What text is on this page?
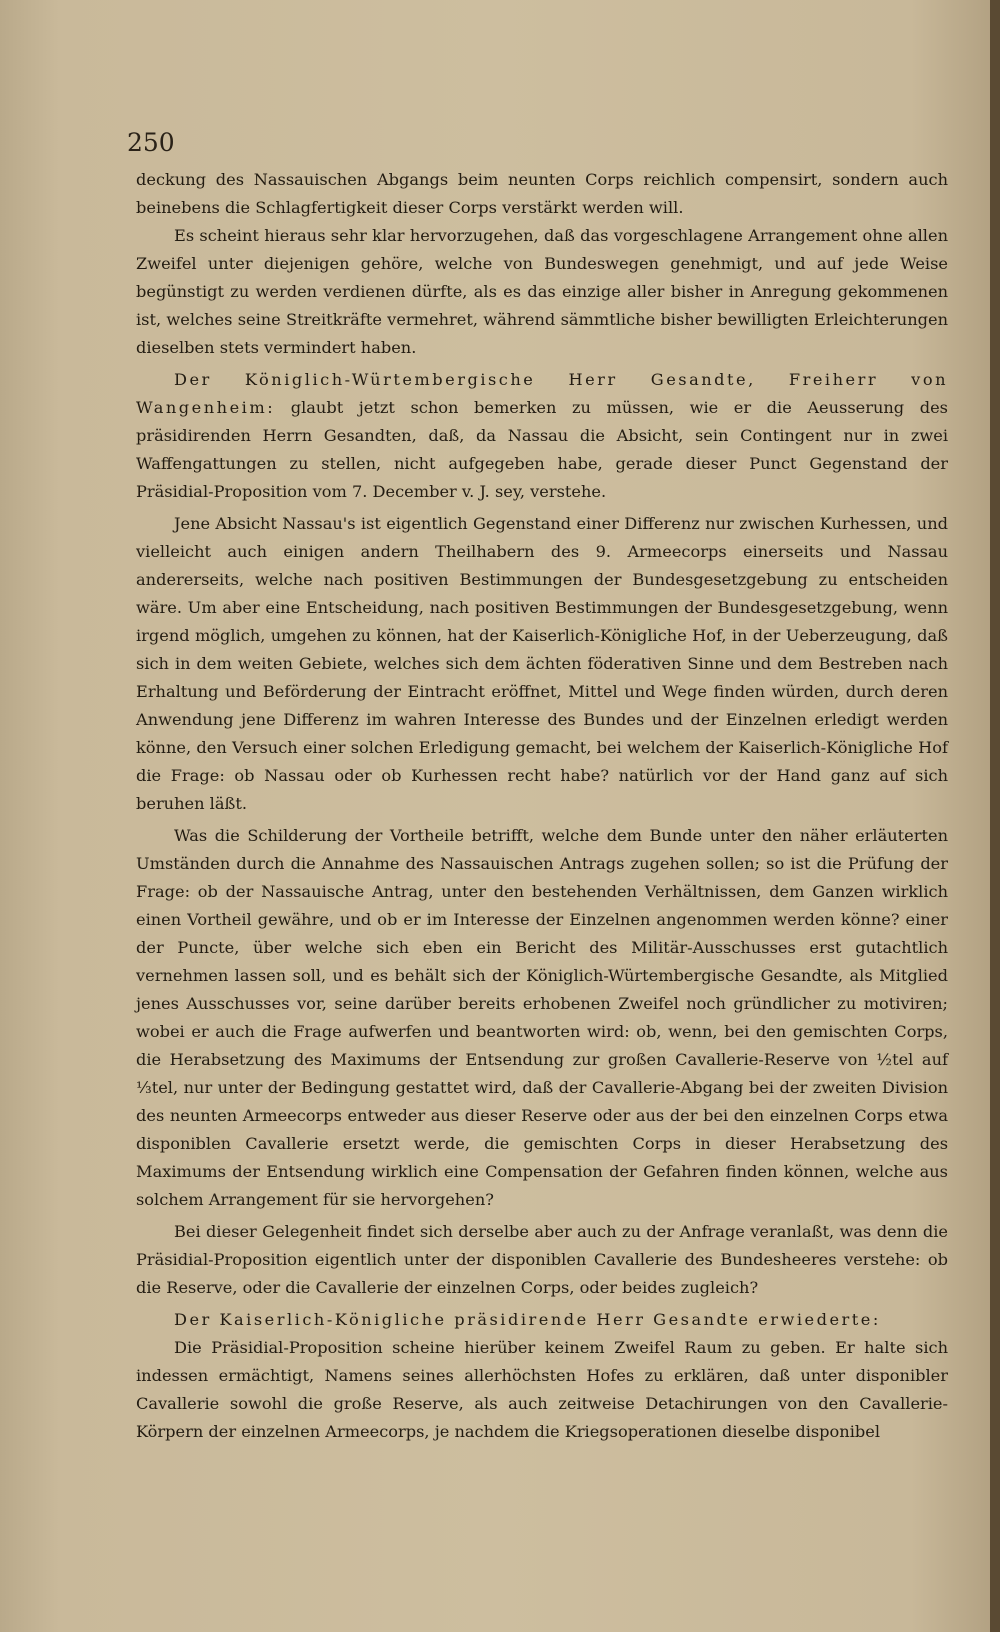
250

deckung des Nassauischen Abgangs beim neunten Corps reichlich compensirt, sondern auch beinebens die Schlagfertigkeit dieser Corps verstärkt werden will.

Es scheint hieraus sehr klar hervorzugehen, daß das vorgeschlagene Arrangement ohne allen Zweifel unter diejenigen gehöre, welche von Bundeswegen genehmigt, und auf jede Weise begünstigt zu werden verdienen dürfte, als es das einzige aller bisher in Anregung gekommenen ist, welches seine Streitkräfte vermehret, während sämmtliche bisher bewilligten Erleichterungen dieselben stets vermindert haben.

Der Königlich-Würtembergische Herr Gesandte, Freiherr von Wangenheim: glaubt jetzt schon bemerken zu müssen, wie er die Aeusserung des präsidirenden Herrn Gesandten, daß, da Nassau die Absicht, sein Contingent nur in zwei Waffengattungen zu stellen, nicht aufgegeben habe, gerade dieser Punct Gegenstand der Präsidial-Proposition vom 7. December v. J. sey, verstehe.

Jene Absicht Nassau's ist eigentlich Gegenstand einer Differenz nur zwischen Kurhessen, und vielleicht auch einigen andern Theilhabern des 9. Armeecorps einerseits und Nassau andererseits, welche nach positiven Bestimmungen der Bundesgesetzgebung zu entscheiden wäre. Um aber eine Entscheidung, nach positiven Bestimmungen der Bundesgesetzgebung, wenn irgend möglich, umgehen zu können, hat der Kaiserlich-Königliche Hof, in der Ueberzeugung, daß sich in dem weiten Gebiete, welches sich dem ächten föderativen Sinne und dem Bestreben nach Erhaltung und Beförderung der Eintracht eröffnet, Mittel und Wege finden würden, durch deren Anwendung jene Differenz im wahren Interesse des Bundes und der Einzelnen erledigt werden könne, den Versuch einer solchen Erledigung gemacht, bei welchem der Kaiserlich-Königliche Hof die Frage: ob Nassau oder ob Kurhessen recht habe? natürlich vor der Hand ganz auf sich beruhen läßt.

Was die Schilderung der Vortheile betrifft, welche dem Bunde unter den näher erläuterten Umständen durch die Annahme des Nassauischen Antrags zugehen sollen; so ist die Prüfung der Frage: ob der Nassauische Antrag, unter den bestehenden Verhältnissen, dem Ganzen wirklich einen Vortheil gewähre, und ob er im Interesse der Einzelnen angenommen werden könne? einer der Puncte, über welche sich eben ein Bericht des Militär-Ausschusses erst gutachtlich vernehmen lassen soll, und es behält sich der Königlich-Würtembergische Gesandte, als Mitglied jenes Ausschusses vor, seine darüber bereits erhobenen Zweifel noch gründlicher zu motiviren; wobei er auch die Frage aufwerfen und beantworten wird: ob, wenn, bei den gemischten Corps, die Herabsetzung des Maximums der Entsendung zur großen Cavallerie-Reserve von ½tel auf ⅓tel, nur unter der Bedingung gestattet wird, daß der Cavallerie-Abgang bei der zweiten Division des neunten Armeecorps entweder aus dieser Reserve oder aus der bei den einzelnen Corps etwa disponiblen Cavallerie ersetzt werde, die gemischten Corps in dieser Herabsetzung des Maximums der Entsendung wirklich eine Compensation der Gefahren finden können, welche aus solchem Arrangement für sie hervorgehen?

Bei dieser Gelegenheit findet sich derselbe aber auch zu der Anfrage veranlaßt, was denn die Präsidial-Proposition eigentlich unter der disponiblen Cavallerie des Bundesheeres verstehe: ob die Reserve, oder die Cavallerie der einzelnen Corps, oder beides zugleich?

Der Kaiserlich-Königliche präsidirende Herr Gesandte erwiederte:

Die Präsidial-Proposition scheine hierüber keinem Zweifel Raum zu geben. Er halte sich indessen ermächtigt, Namens seines allerhöchsten Hofes zu erklären, daß unter disponibler Cavallerie sowohl die große Reserve, als auch zeitweise Detachirungen von den Cavallerie-Körpern der einzelnen Armeecorps, je nachdem die Kriegsoperationen dieselbe disponibel
